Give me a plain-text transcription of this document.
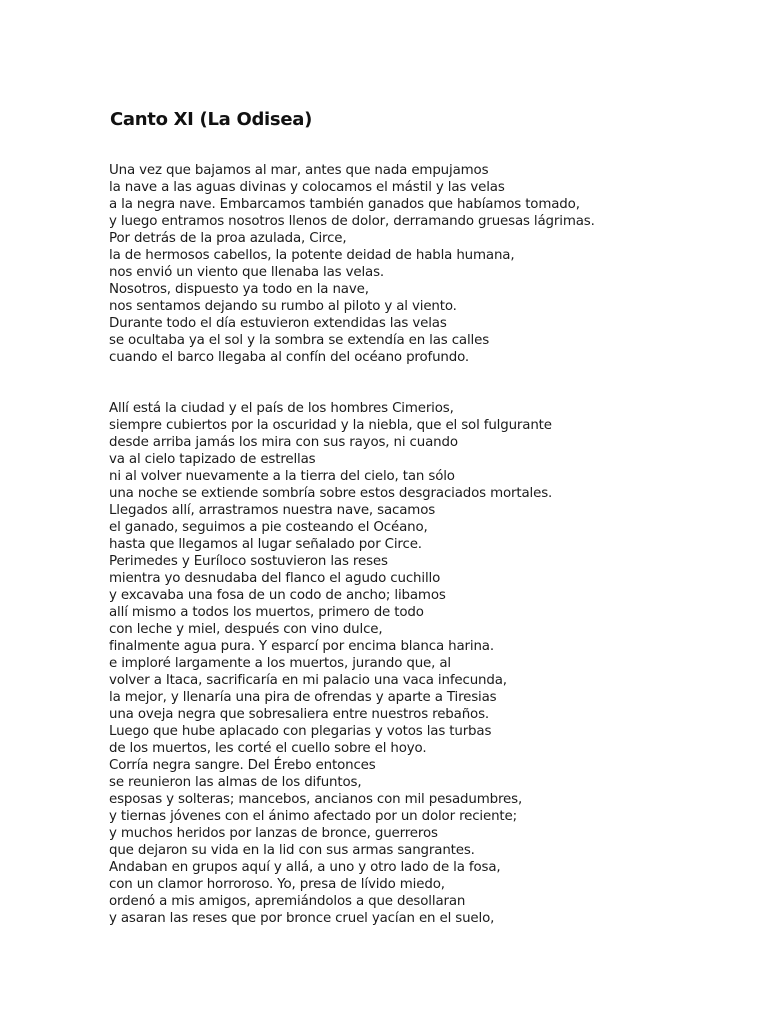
Canto XI (La Odisea)
Una vez que bajamos al mar, antes que nada empujamos
la nave a las aguas divinas y colocamos el mástil y las velas
a la negra nave. Embarcamos también ganados que habíamos tomado,
y luego entramos nosotros llenos de dolor, derramando gruesas lágrimas.
Por detrás de la proa azulada, Circe,
la de hermosos cabellos, la potente deidad de habla humana,
nos envió un viento que llenaba las velas.
Nosotros, dispuesto ya todo en la nave,
nos sentamos dejando su rumbo al piloto y al viento.
Durante todo el día estuvieron extendidas las velas
se ocultaba ya el sol y la sombra se extendía en las calles
cuando el barco llegaba al confín del océano profundo.
Allí está la ciudad y el país de los hombres Cimerios,
siempre cubiertos por la oscuridad y la niebla, que el sol fulgurante
desde arriba jamás los mira con sus rayos, ni cuando
va al cielo tapizado de estrellas
ni al volver nuevamente a la tierra del cielo, tan sólo
una noche se extiende sombría sobre estos desgraciados mortales.
Llegados allí, arrastramos nuestra nave, sacamos
el ganado, seguimos a pie costeando el Océano,
hasta que llegamos al lugar señalado por Circe.
Perimedes y Euríloco sostuvieron las reses
mientra yo desnudaba del flanco el agudo cuchillo
y excavaba una fosa de un codo de ancho; libamos
allí mismo a todos los muertos, primero de todo
con leche y miel, después con vino dulce,
finalmente agua pura. Y esparcí por encima blanca harina.
e imploré largamente a los muertos, jurando que, al
volver a Itaca, sacrificaría en mi palacio una vaca infecunda,
la mejor, y llenaría una pira de ofrendas y aparte a Tiresias
una oveja negra que sobresaliera entre nuestros rebaños.
Luego que hube aplacado con plegarias y votos las turbas
de los muertos, les corté el cuello sobre el hoyo.
Corría negra sangre. Del Érebo entonces
se reunieron las almas de los difuntos,
esposas y solteras; mancebos, ancianos con mil pesadumbres,
y tiernas jóvenes con el ánimo afectado por un dolor reciente;
y muchos heridos por lanzas de bronce, guerreros
que dejaron su vida en la lid con sus armas sangrantes.
Andaban en grupos aquí y allá, a uno y otro lado de la fosa,
con un clamor horroroso. Yo, presa de lívido miedo,
ordenó a mis amigos, apremiándolos a que desollaran
y asaran las reses que por bronce cruel yacían en el suelo,
